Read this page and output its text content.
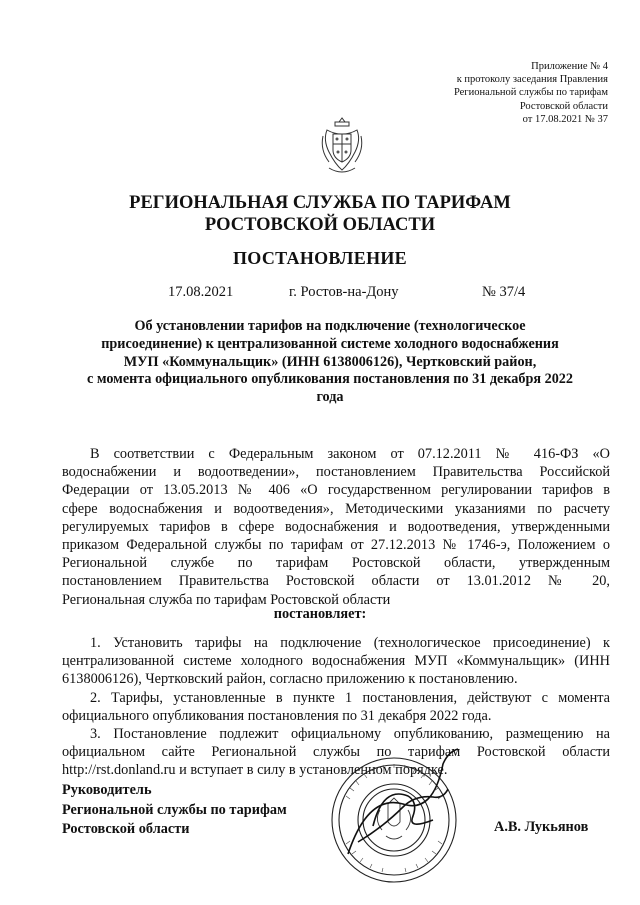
Приложение № 4
к протоколу заседания Правления
Региональной службы по тарифам
Ростовской области
от 17.08.2021 № 37
РЕГИОНАЛЬНАЯ СЛУЖБА ПО ТАРИФАМ
РОСТОВСКОЙ ОБЛАСТИ
ПОСТАНОВЛЕНИЕ
17.08.2021	г. Ростов-на-Дону	№ 37/4
Об установлении тарифов на подключение (технологическое
присоединение) к централизованной системе холодного водоснабжения
МУП «Коммунальщик» (ИНН 6138006126), Чертковский район,
с момента официального опубликования постановления по 31 декабря 2022
года
В соответствии с Федеральным законом от 07.12.2011 № 416-ФЗ «О
водоснабжении и водоотведении», постановлением Правительства Российской
Федерации от 13.05.2013 № 406 «О государственном регулировании тарифов в
сфере водоснабжения и водоотведения», Методическими указаниями по расчету
регулируемых тарифов в сфере водоснабжения и водоотведения, утвержденными
приказом Федеральной службы по тарифам от 27.12.2013 № 1746-э, Положением о
Региональной службе по тарифам Ростовской области, утвержденным
постановлением Правительства Ростовской области от 13.01.2012 № 20,
Региональная служба по тарифам Ростовской области
постановляет:
1. Установить тарифы на подключение (технологическое присоединение) к
централизованной системе холодного водоснабжения МУП «Коммунальщик» (ИНН
6138006126), Чертковский район, согласно приложению к постановлению.
2. Тарифы, установленные в пункте 1 постановления, действуют с момента
официального опубликования постановления по 31 декабря 2022 года.
3. Постановление подлежит официальному опубликованию, размещению на
официальном сайте Региональной службы по тарифам Ростовской области
http://rst.donland.ru и вступает в силу в установленном порядке.
Руководитель
Региональной службы по тарифам
Ростовской области	А.В. Лукьянов
